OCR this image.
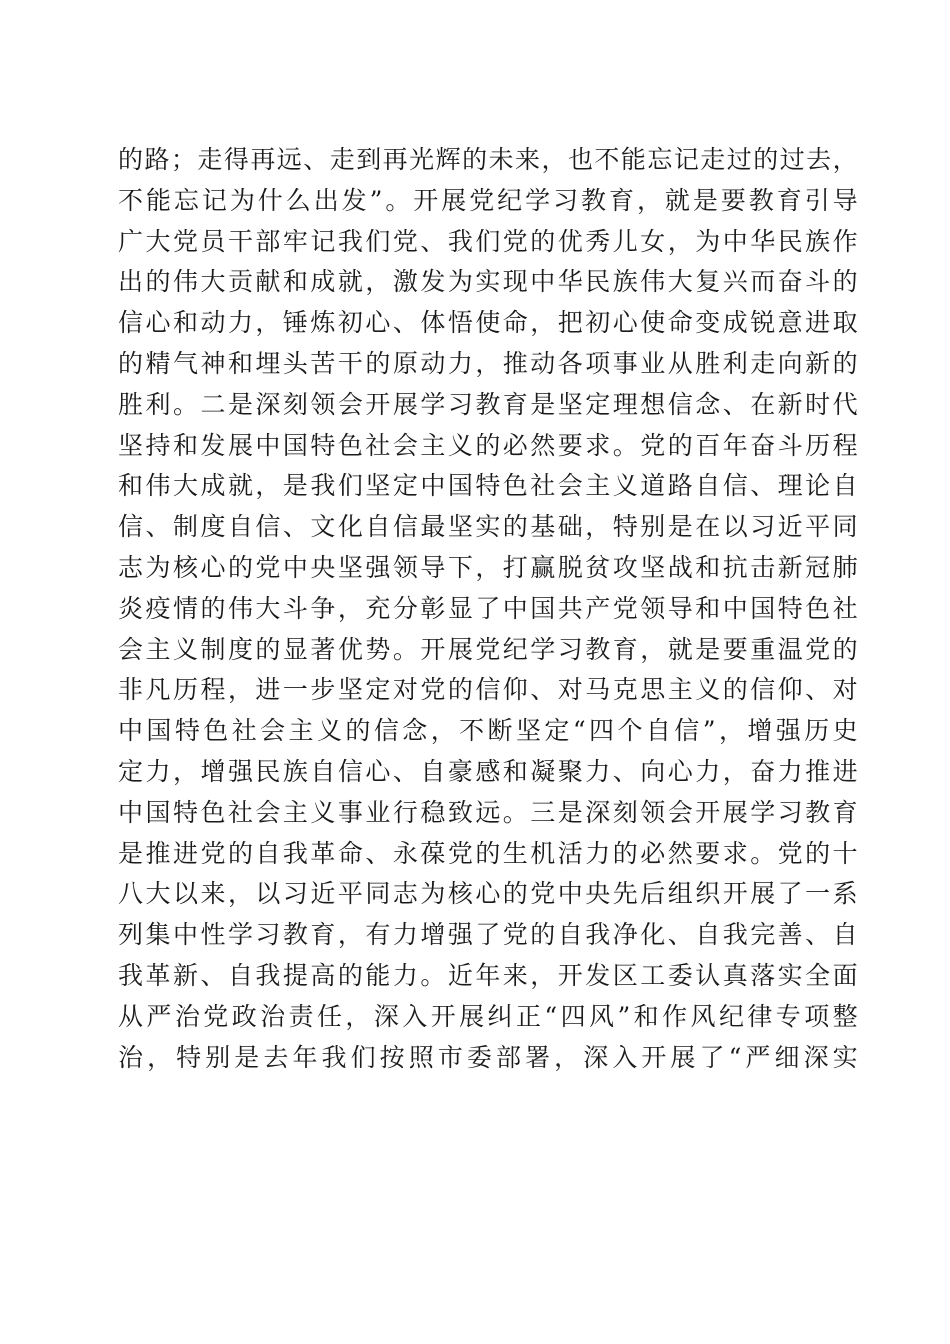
的路；走得再远、走到再光辉的未来，也不能忘记走过的过去，
不能忘记为什么出发”。开展党纪学习教育，就是要教育引导
广大党员干部牢记我们党、我们党的优秀儿女，为中华民族作
出的伟大贡献和成就，激发为实现中华民族伟大复兴而奋斗的
信心和动力，锤炼初心、体悟使命，把初心使命变成锐意进取
的精气神和埋头苦干的原动力，推动各项事业从胜利走向新的
胜利。二是深刻领会开展学习教育是坚定理想信念、在新时代
坚持和发展中国特色社会主义的必然要求。党的百年奋斗历程
和伟大成就，是我们坚定中国特色社会主义道路自信、理论自
信、制度自信、文化自信最坚实的基础，特别是在以习近平同
志为核心的党中央坚强领导下，打赢脱贫攻坚战和抗击新冠肺
炎疫情的伟大斗争，充分彰显了中国共产党领导和中国特色社
会主义制度的显著优势。开展党纪学习教育，就是要重温党的
非凡历程，进一步坚定对党的信仰、对马克思主义的信仰、对
中国特色社会主义的信念，不断坚定“四个自信”，增强历史
定力，增强民族自信心、自豪感和凝聚力、向心力，奋力推进
中国特色社会主义事业行稳致远。三是深刻领会开展学习教育
是推进党的自我革命、永葆党的生机活力的必然要求。党的十
八大以来，以习近平同志为核心的党中央先后组织开展了一系
列集中性学习教育，有力增强了党的自我净化、自我完善、自
我革新、自我提高的能力。近年来，开发区工委认真落实全面
从严治党政治责任，深入开展纠正“四风”和作风纪律专项整
治，特别是去年我们按照市委部署，深入开展了“严细深实
